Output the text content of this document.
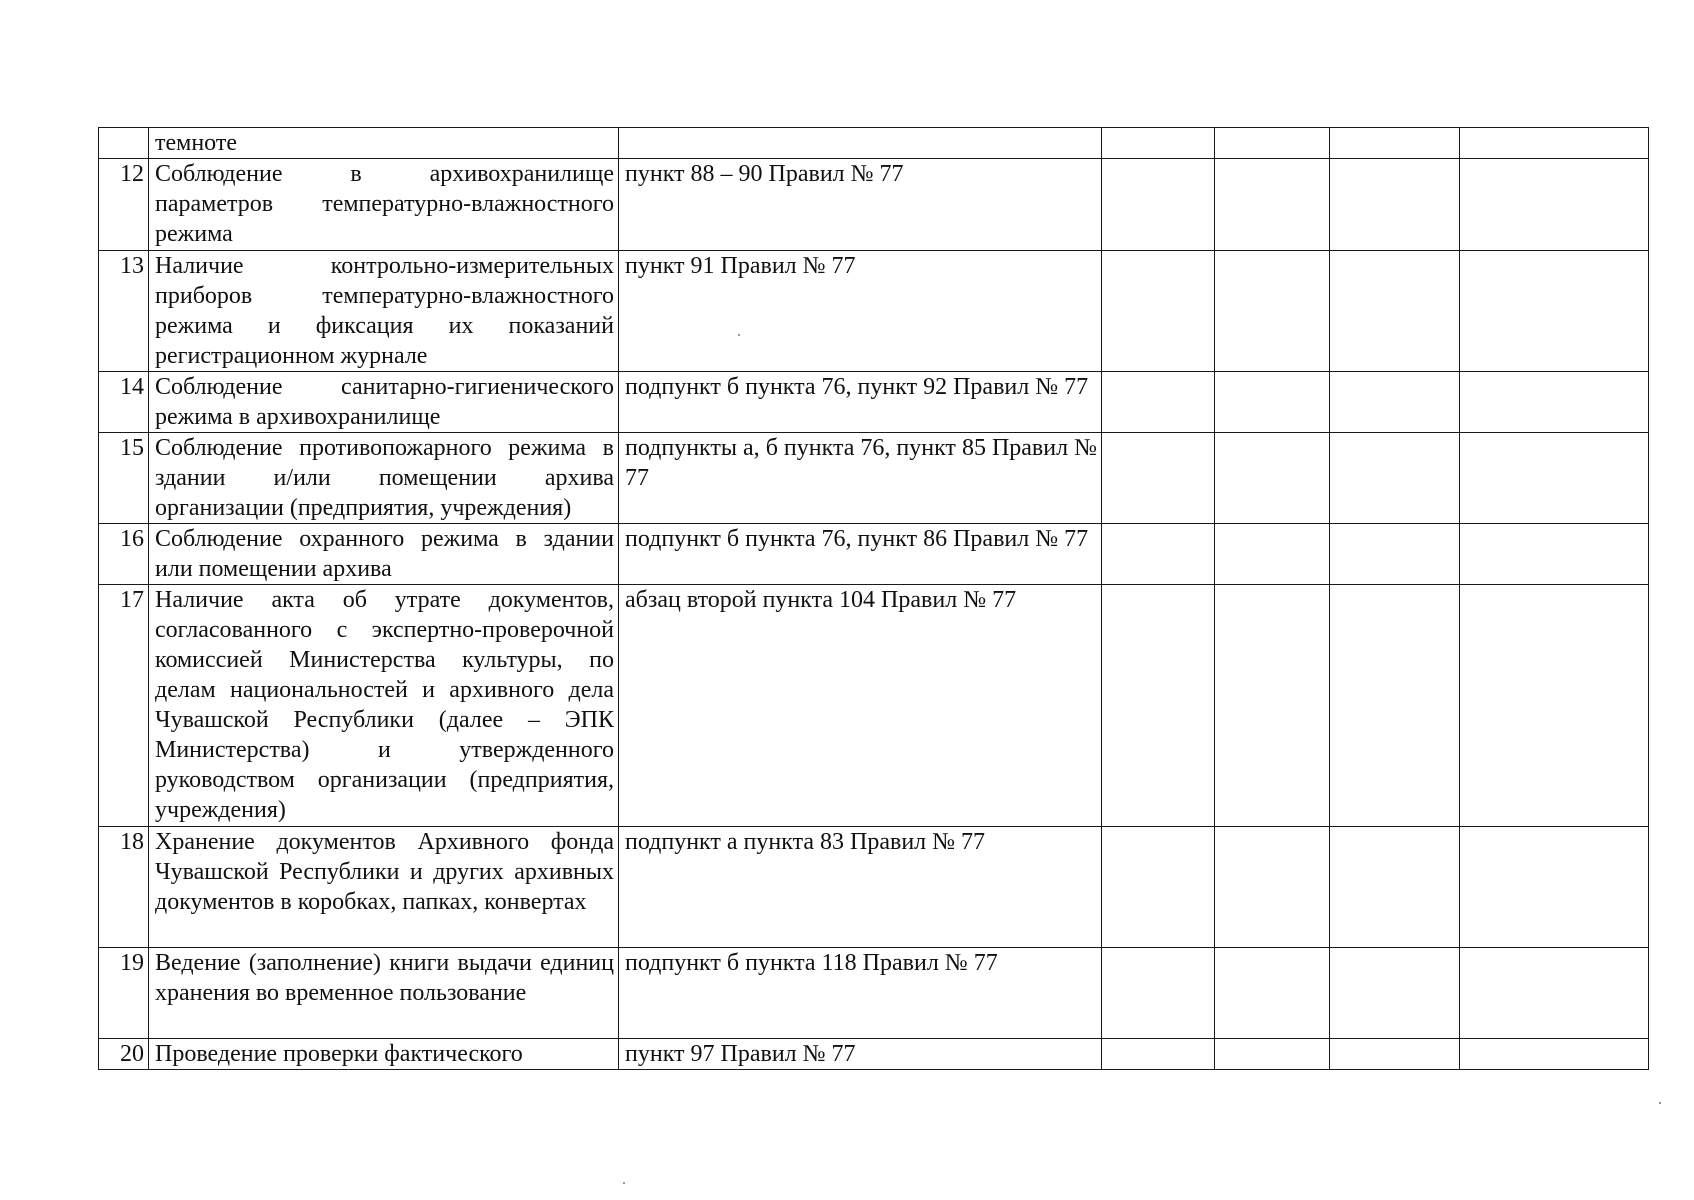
	темноте					
12	Соблюдение в архивохранилище параметров температурно-влажностного режима	пункт 88 – 90 Правил № 77				
13	Наличие контрольно-измерительных приборов температурно-влажностного режима и фиксация их показаний регистрационном журнале	пункт 91 Правил № 77				
14	Соблюдение санитарно-гигиенического режима в архивохранилище	подпункт б пункта 76, пункт 92 Правил № 77				
15	Соблюдение противопожарного режима в здании и/или помещении архива организации (предприятия, учреждения)	подпункты а, б пункта 76, пункт 85 Правил № 77				
16	Соблюдение охранного режима в здании или помещении архива	подпункт б пункта 76, пункт 86 Правил № 77				
17	Наличие акта об утрате документов, согласованного с экспертно-проверочной комиссией Министерства культуры, по делам национальностей и архивного дела Чувашской Республики (далее – ЭПК Министерства) и утвержденного руководством организации (предприятия, учреждения)	абзац второй пункта 104 Правил № 77				
18	Хранение документов Архивного фонда Чувашской Республики и других архивных документов в коробках, папках, конвертах	подпункт а пункта 83 Правил № 77				
19	Ведение (заполнение) книги выдачи единиц хранения во временное пользование	подпункт б пункта 118 Правил № 77				
20	Проведение проверки фактического	пункт 97 Правил № 77				
